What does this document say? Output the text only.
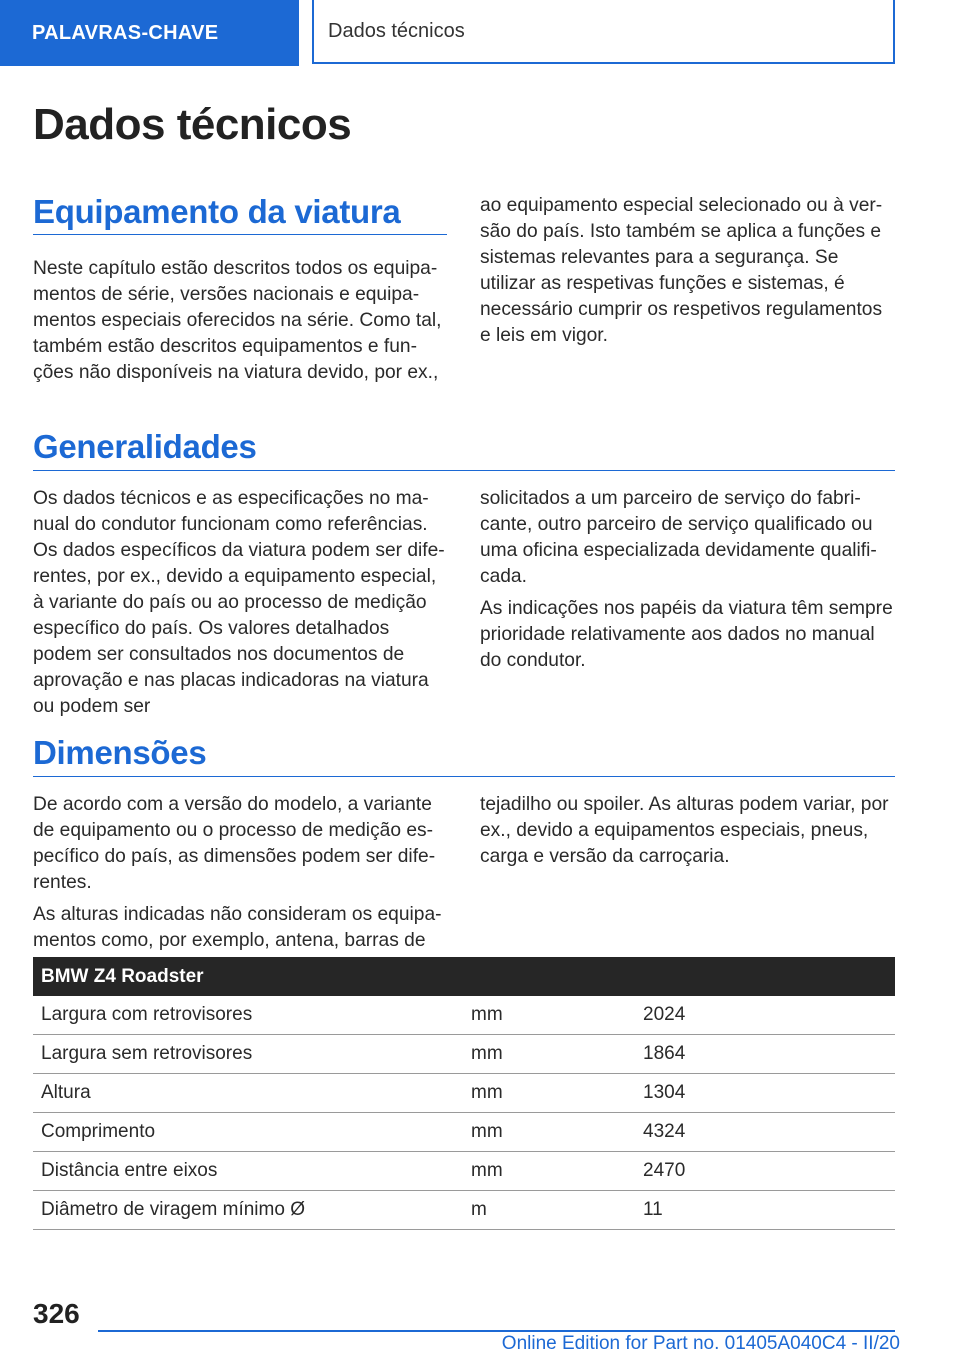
PALAVRAS-CHAVE	Dados técnicos
Dados técnicos
Equipamento da viatura

Neste capítulo estão descritos todos os equipamentos de série, versões nacionais e equipamentos especiais oferecidos na série. Como tal, também estão descritos equipamentos e funções não disponíveis na viatura devido, por ex.,

ao equipamento especial selecionado ou à versão do país. Isto também se aplica a funções e sistemas relevantes para a segurança. Se utilizar as respetivas funções e sistemas, é necessário cumprir os respetivos regulamentos e leis em vigor.

Generalidades

Os dados técnicos e as especificações no manual do condutor funcionam como referências. Os dados específicos da viatura podem ser diferentes, por ex., devido a equipamento especial, à variante do país ou ao processo de medição específico do país. Os valores detalhados podem ser consultados nos documentos de aprovação e nas placas indicadoras na viatura ou podem ser

solicitados a um parceiro de serviço do fabricante, outro parceiro de serviço qualificado ou uma oficina especializada devidamente qualificada.

As indicações nos papéis da viatura têm sempre prioridade relativamente aos dados no manual do condutor.

Dimensões

De acordo com a versão do modelo, a variante de equipamento ou o processo de medição específico do país, as dimensões podem ser diferentes.

As alturas indicadas não consideram os equipamentos como, por exemplo, antena, barras de

tejadilho ou spoiler. As alturas podem variar, por ex., devido a equipamentos especiais, pneus, carga e versão da carroçaria.

BMW Z4 Roadster		
Largura com retrovisores	mm	2024
Largura sem retrovisores	mm	1864
Altura	mm	1304
Comprimento	mm	4324
Distância entre eixos	mm	2470
Diâmetro de viragem mínimo Ø	m	11
326
Online Edition for Part no. 01405A040C4 - II/20
